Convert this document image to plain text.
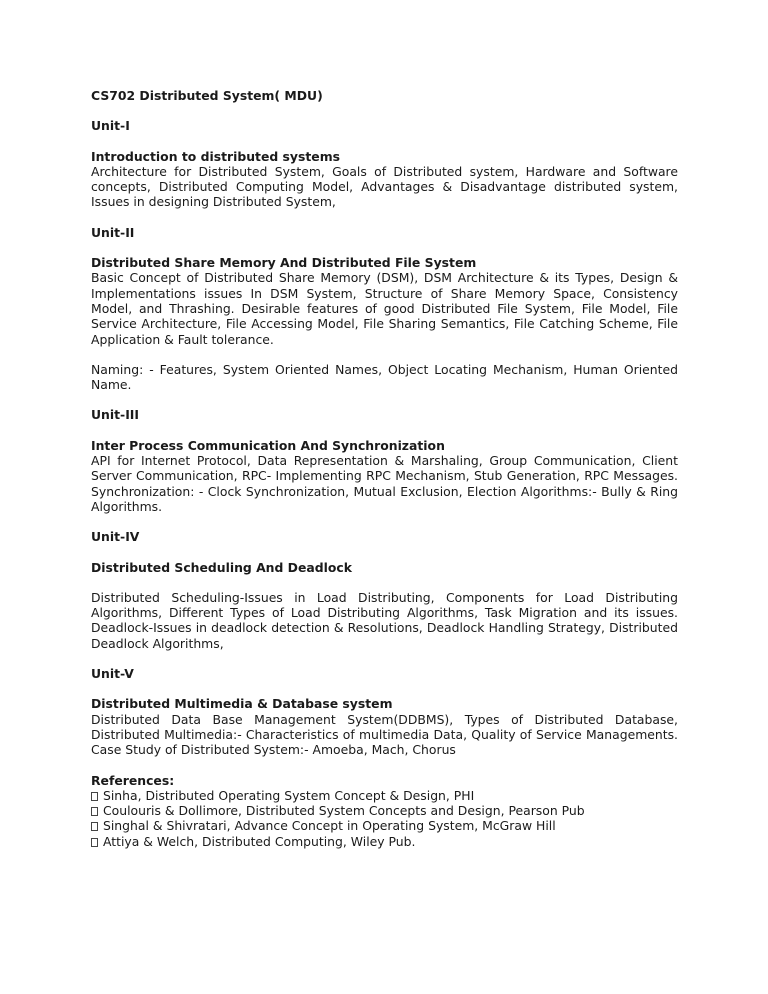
CS702 Distributed System( MDU)
Unit-I
Introduction to distributed systems
Architecture for Distributed System, Goals of Distributed system, Hardware and Software concepts, Distributed Computing Model, Advantages & Disadvantage distributed system, Issues in designing Distributed System,
Unit-II
Distributed Share Memory And Distributed File System
Basic Concept of Distributed Share Memory (DSM), DSM Architecture & its Types, Design & Implementations issues In DSM System, Structure of Share Memory Space, Consistency Model, and Thrashing. Desirable features of good Distributed File System, File Model, File Service Architecture, File Accessing Model, File Sharing Semantics, File Catching Scheme, File Application & Fault tolerance.
Naming: - Features, System Oriented Names, Object Locating Mechanism, Human Oriented Name.
Unit-III
Inter Process Communication And Synchronization
API for Internet Protocol, Data Representation & Marshaling, Group Communication, Client Server Communication, RPC- Implementing RPC Mechanism, Stub Generation, RPC Messages. Synchronization: - Clock Synchronization, Mutual Exclusion, Election Algorithms:- Bully & Ring Algorithms.
Unit-IV
Distributed Scheduling And Deadlock
Distributed Scheduling-Issues in Load Distributing, Components for Load Distributing Algorithms, Different Types of Load Distributing Algorithms, Task Migration and its issues. Deadlock-Issues in deadlock detection & Resolutions, Deadlock Handling Strategy, Distributed Deadlock Algorithms,
Unit-V
Distributed Multimedia & Database system
Distributed Data Base Management System(DDBMS), Types of Distributed Database, Distributed Multimedia:- Characteristics of multimedia Data, Quality of Service Managements. Case Study of Distributed System:- Amoeba, Mach, Chorus
References:
Sinha, Distributed Operating System Concept & Design, PHI
Coulouris & Dollimore, Distributed System Concepts and Design, Pearson Pub
Singhal & Shivratari, Advance Concept in Operating System, McGraw Hill
Attiya & Welch, Distributed Computing, Wiley Pub.
